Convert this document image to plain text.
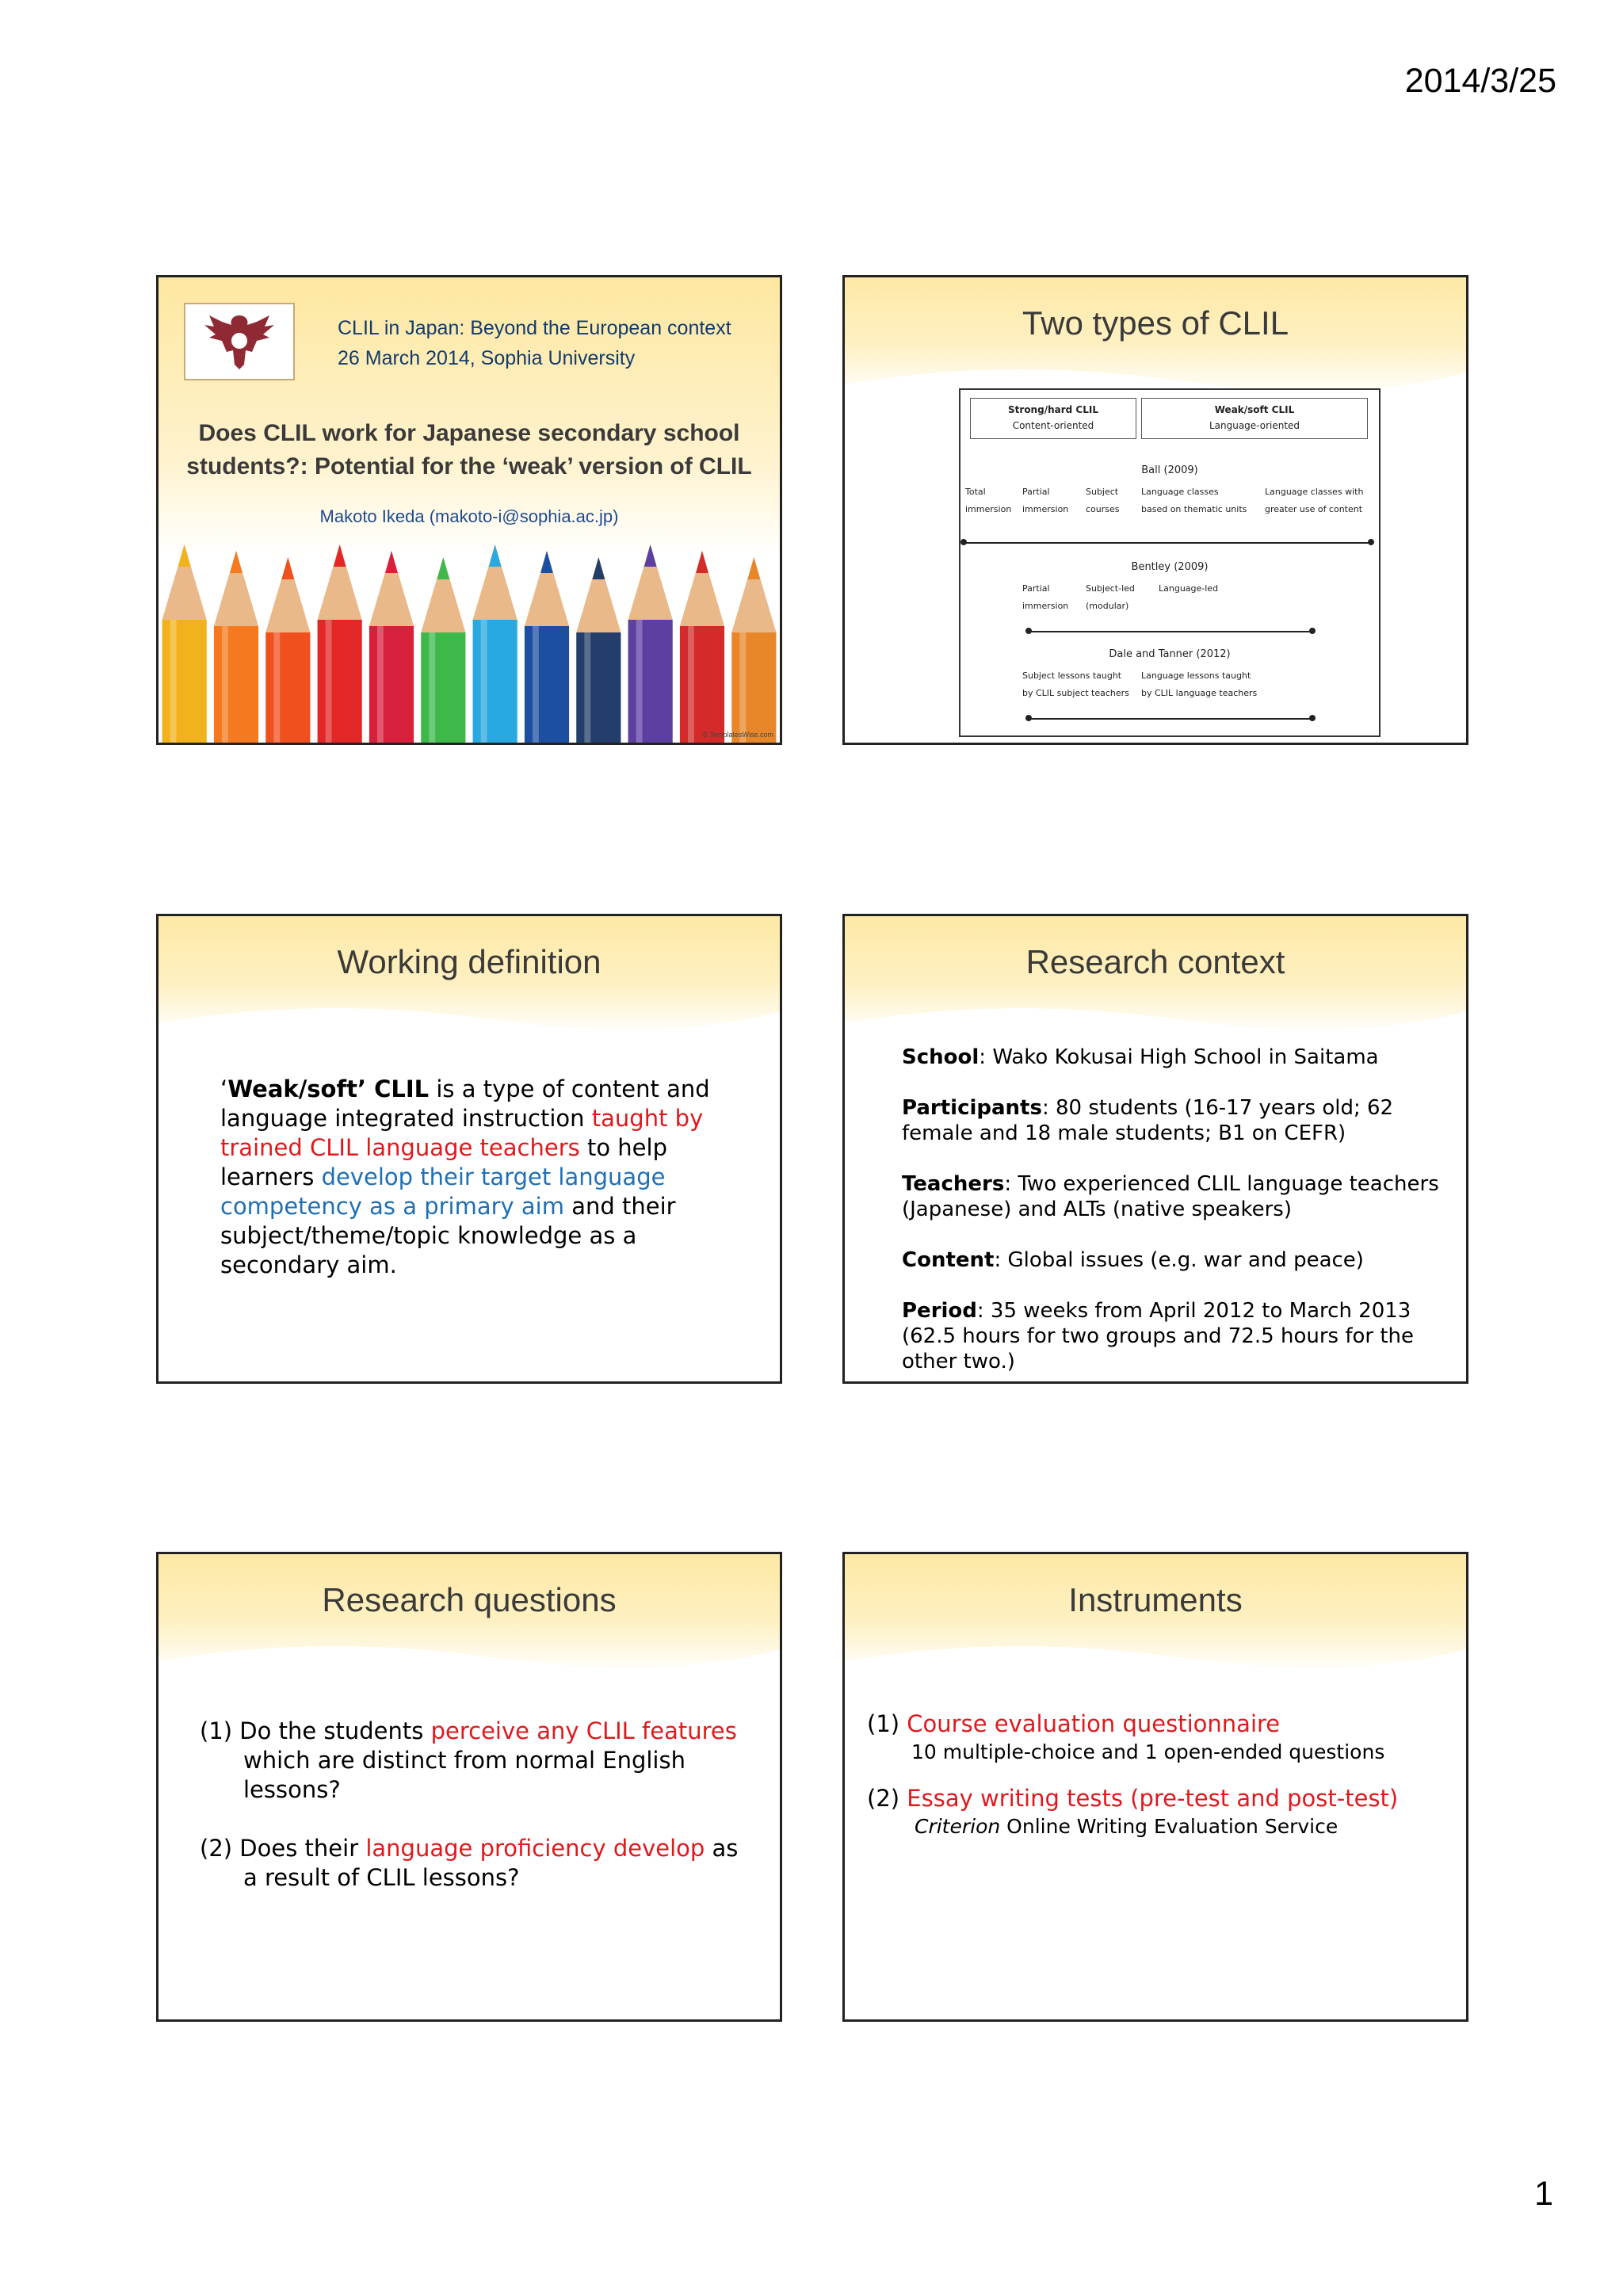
2014/3/25
CLIL in Japan: Beyond the European context
26 March 2014, Sophia University
Does CLIL work for Japanese secondary school
students?: Potential for the ‘weak’ version of CLIL
Makoto Ikeda (makoto-i@sophia.ac.jp)
© TemplatesWise.com
Two types of CLIL
Strong/hard CLIL
Content-oriented
Weak/soft CLIL
Language-oriented
Ball (2009)
Total
immersion
Partial
immersion
Subject
courses
Language classes
based on thematic units
Language classes with
greater use of content
Bentley (2009)
Partial
immersion
Subject-led
(modular)
Language-led
Dale and Tanner (2012)
Subject lessons taught
by CLIL subject teachers
Language lessons taught
by CLIL language teachers
Working definition
‘Weak/soft’ CLIL is a type of content and language integrated instruction taught by trained CLIL language teachers to help learners develop their target language competency as a primary aim and their subject/theme/topic knowledge as a secondary aim.
Research context
School: Wako Kokusai High School in Saitama
Participants: 80 students (16-17 years old; 62 female and 18 male students; B1 on CEFR)
Teachers: Two experienced CLIL language teachers (Japanese) and ALTs (native speakers)
Content: Global issues (e.g. war and peace)
Period: 35 weeks from April 2012 to March 2013 (62.5 hours for two groups and 72.5 hours for the other two.)
Research questions
(1) Do the students perceive any CLIL features which are distinct from normal English lessons?
(2) Does their language proficiency develop as a result of CLIL lessons?
Instruments
(1) Course evaluation questionnaire
10 multiple-choice and 1 open-ended questions
(2) Essay writing tests (pre-test and post-test)
Criterion Online Writing Evaluation Service
1
